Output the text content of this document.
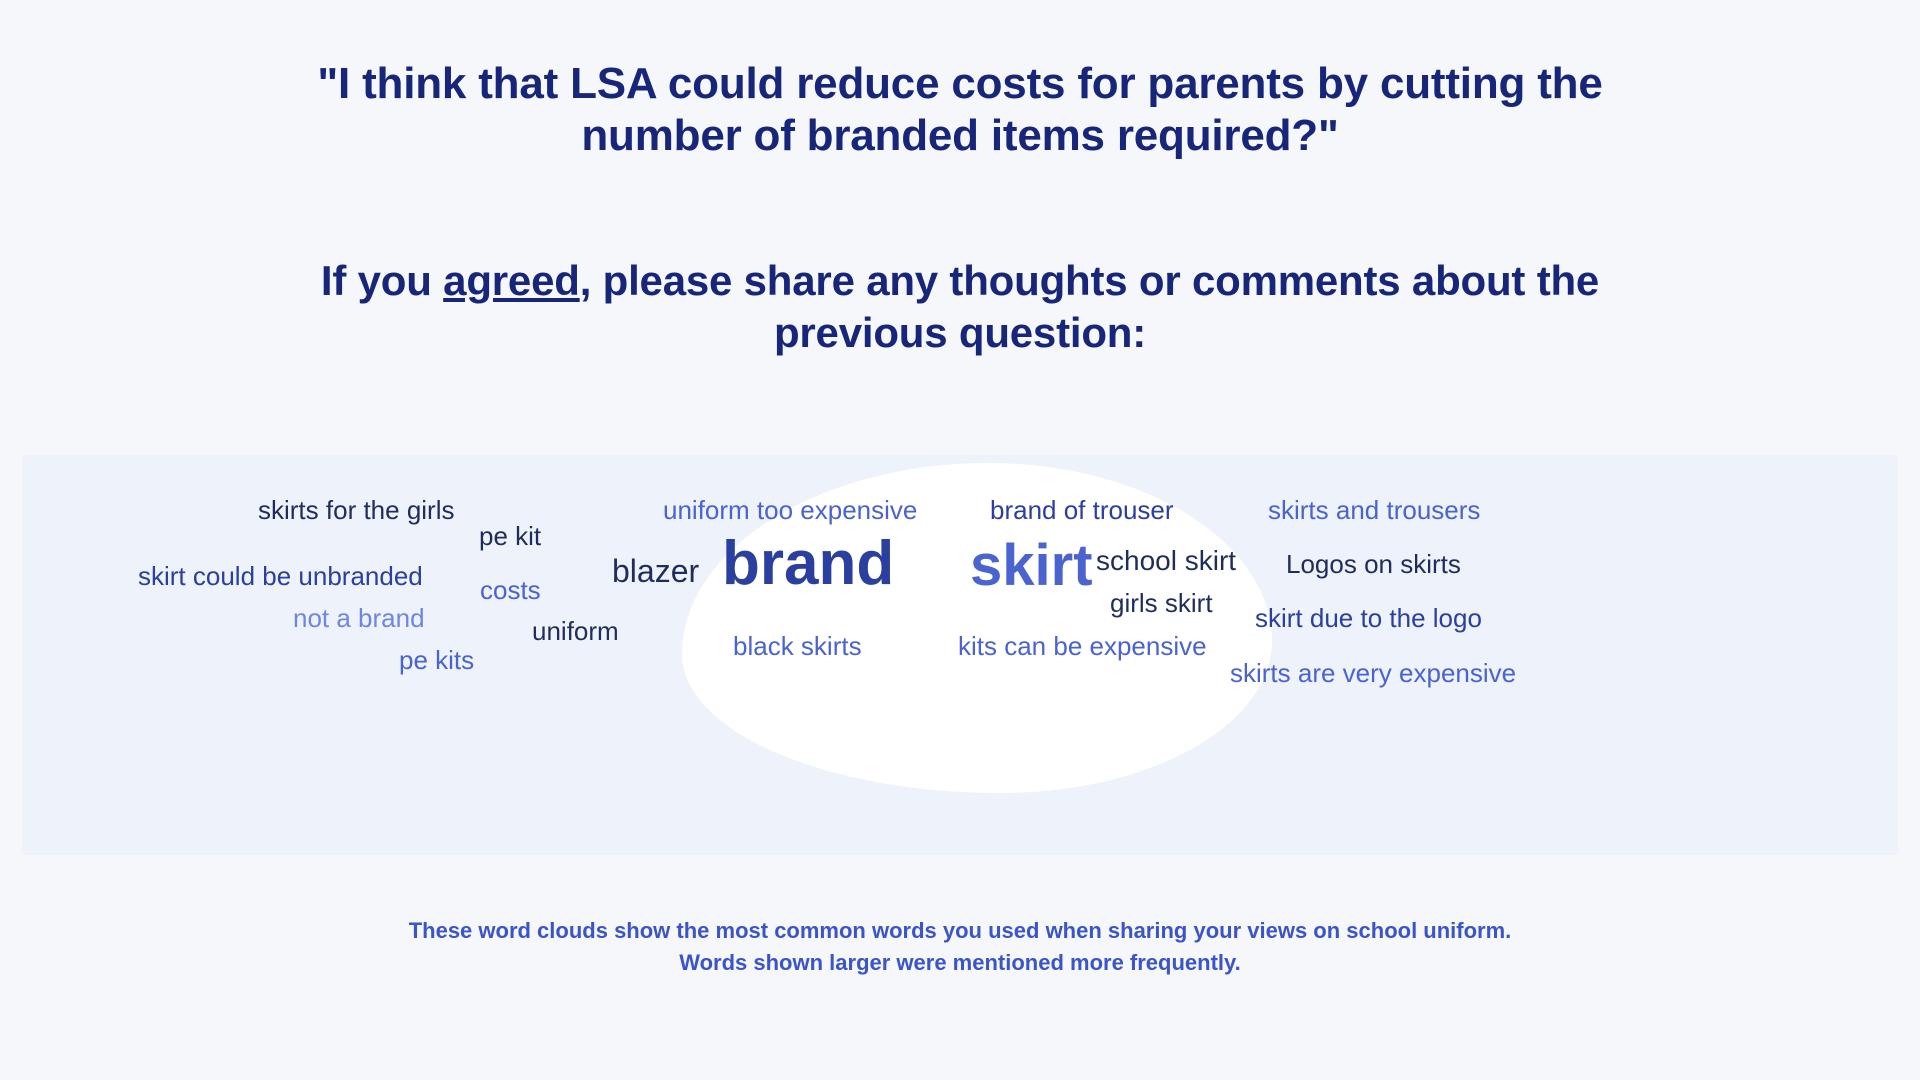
"I think that LSA could reduce costs for parents by cutting the
number of branded items required?"
If you agreed, please share any thoughts or comments about the
previous question:
brand skirt
blazer	school skirt
uniform too expensive	brand of trouser	skirts and trousers
skirts for the girls
skirt could be unbranded	Logos on skirts
skirt due to the logo
skirts are very expensive
kits can be expensive
girls skirt
black skirts
uniform
pe kit
costs
not a brand
pe kits
These word clouds show the most common words you used when sharing your views on school uniform.
Words shown larger were mentioned more frequently.
